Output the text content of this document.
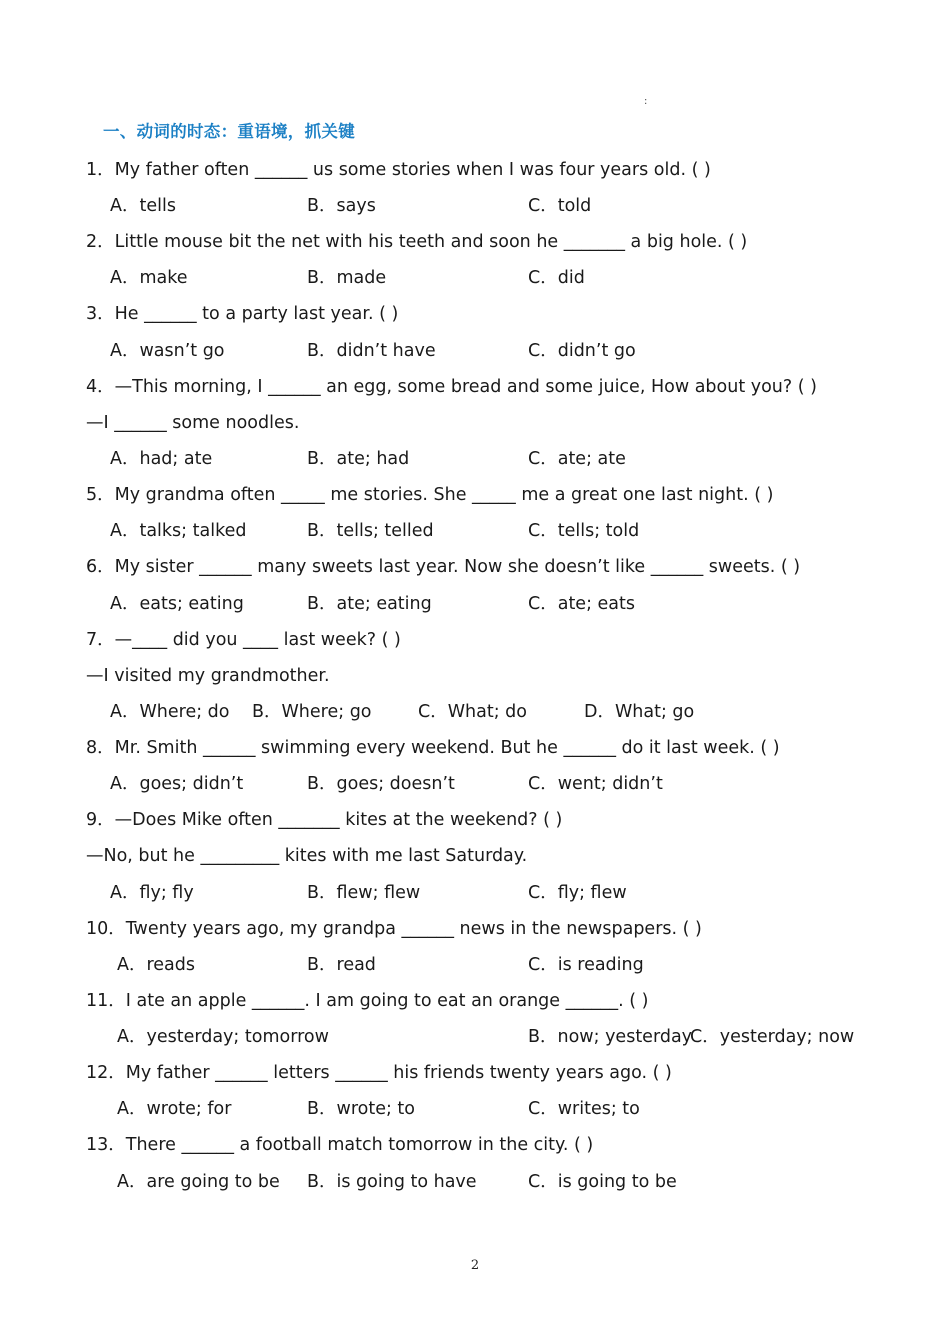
:
一、动词的时态：重语境，抓关键
1．My father often ______ us some stories when I was four years old. ( )
A．tells	B．says	C．told
2．Little mouse bit the net with his teeth and soon he _______ a big hole. ( )
A．make	B．made	C．did
3．He ______ to a party last year. ( )
A．wasn’t go	B．didn’t have	C．didn’t go
4．—This morning, I ______ an egg, some bread and some juice, How about you? ( )
—I ______ some noodles.
A．had; ate	B．ate; had	C．ate; ate
5．My grandma often _____ me stories. She _____ me a great one last night. ( )
A．talks; talked	B．tells; telled	C．tells; told
6．My sister ______ many sweets last year. Now she doesn’t like ______ sweets. ( )
A．eats; eating	B．ate; eating	C．ate; eats
7．—____ did you ____ last week? ( )
—I visited my grandmother.
A．Where; do B．Where; go	C．What; do	D．What; go
8．Mr. Smith ______ swimming every weekend. But he ______ do it last week. ( )
A．goes; didn’t	B．goes; doesn’t	C．went; didn’t
9．—Does Mike often _______ kites at the weekend? ( )
—No, but he _________ kites with me last Saturday.
A．fly; fly	B．flew; flew	C．fly; flew
10．Twenty years ago, my grandpa ______ news in the newspapers. ( )
A．reads	B．read	C．is reading
11．I ate an apple ______. I am going to eat an orange ______. ( )
A．yesterday; tomorrow	B．now; yesterday
C．yesterday; now
12．My father ______ letters ______ his friends twenty years ago. ( )
A．wrote; for	B．wrote; to	C．writes; to
13．There ______ a football match tomorrow in the city. ( )
A．are going to be B．is going to have	C．is going to be
2
